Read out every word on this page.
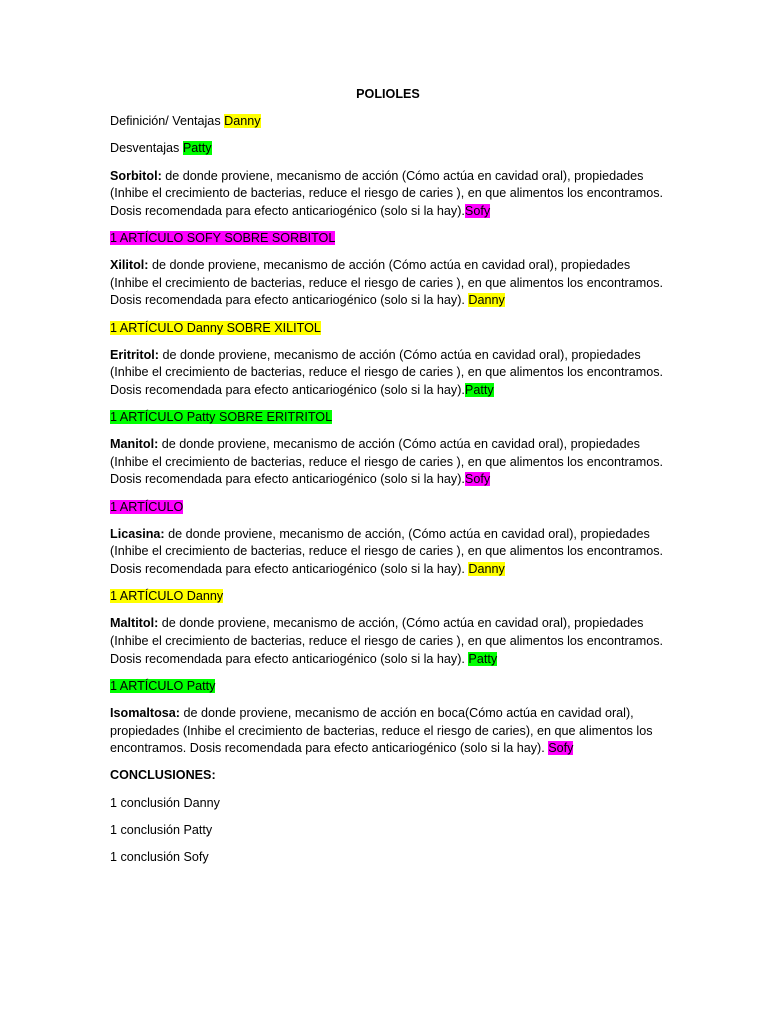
POLIOLES

Definición/ Ventajas Danny

Desventajas Patty

Sorbitol: de donde proviene, mecanismo de acción (Cómo actúa en cavidad oral), propiedades (Inhibe el crecimiento de bacterias, reduce el riesgo de caries ), en que alimentos los encontramos. Dosis recomendada para efecto anticariogénico (solo si la hay).Sofy

1 ARTÍCULO SOFY SOBRE SORBITOL

Xilitol: de donde proviene, mecanismo de acción (Cómo actúa en cavidad oral), propiedades (Inhibe el crecimiento de bacterias, reduce el riesgo de caries ), en que alimentos los encontramos. Dosis recomendada para efecto anticariogénico (solo si la hay). Danny

1 ARTÍCULO Danny SOBRE XILITOL

Eritritol: de donde proviene, mecanismo de acción (Cómo actúa en cavidad oral), propiedades (Inhibe el crecimiento de bacterias, reduce el riesgo de caries ), en que alimentos los encontramos. Dosis recomendada para efecto anticariogénico (solo si la hay).Patty

1 ARTÍCULO Patty SOBRE ERITRITOL

Manitol: de donde proviene, mecanismo de acción (Cómo actúa en cavidad oral), propiedades (Inhibe el crecimiento de bacterias, reduce el riesgo de caries ), en que alimentos los encontramos. Dosis recomendada para efecto anticariogénico (solo si la hay).Sofy

1 ARTÍCULO

Licasina: de donde proviene, mecanismo de acción, (Cómo actúa en cavidad oral), propiedades (Inhibe el crecimiento de bacterias, reduce el riesgo de caries ), en que alimentos los encontramos. Dosis recomendada para efecto anticariogénico (solo si la hay). Danny

1 ARTÍCULO Danny

Maltitol: de donde proviene, mecanismo de acción, (Cómo actúa en cavidad oral), propiedades (Inhibe el crecimiento de bacterias, reduce el riesgo de caries ), en que alimentos los encontramos. Dosis recomendada para efecto anticariogénico (solo si la hay). Patty

1 ARTÍCULO Patty

Isomaltosa: de donde proviene, mecanismo de acción en boca(Cómo actúa en cavidad oral), propiedades (Inhibe el crecimiento de bacterias, reduce el riesgo de caries), en que alimentos los encontramos. Dosis recomendada para efecto anticariogénico (solo si la hay). Sofy

CONCLUSIONES:

1 conclusión Danny

1 conclusión Patty

1 conclusión Sofy
